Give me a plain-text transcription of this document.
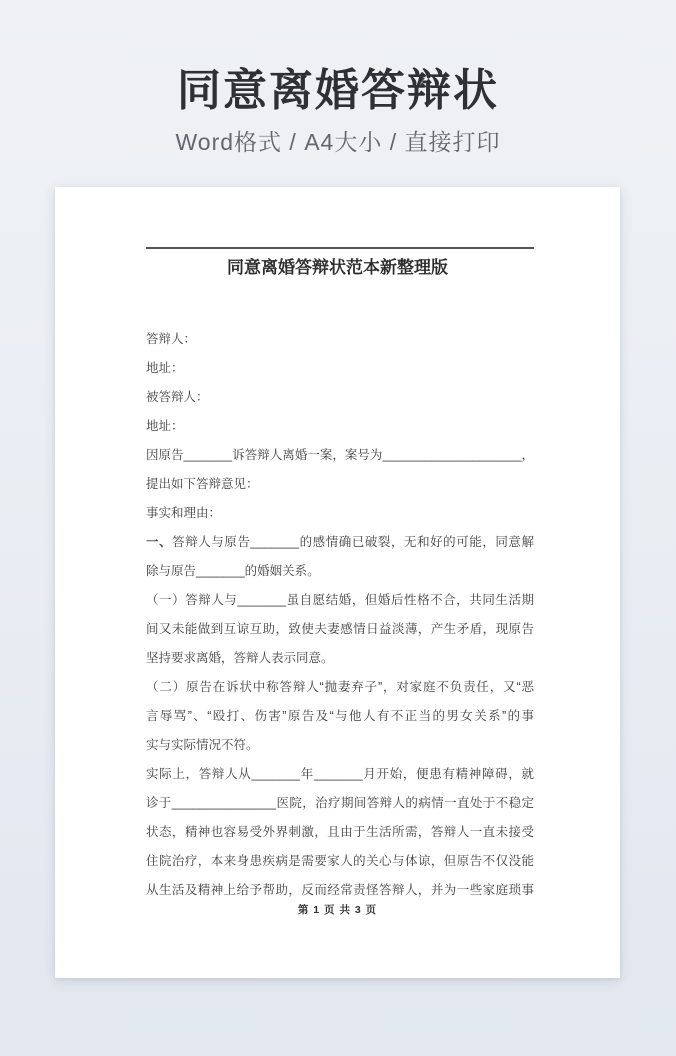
同意离婚答辩状
Word格式 / A4大小 / 直接打印
同意离婚答辩状范本新整理版
答辩人：
地址：
被答辩人：
地址：
因原告_______诉答辩人离婚一案，案号为____________________，
提出如下答辩意见：
事实和理由：
一、答辩人与原告_______的感情确已破裂，无和好的可能，同意解
除与原告_______的婚姻关系。
（一）答辩人与_______虽自愿结婚，但婚后性格不合，共同生活期
间又未能做到互谅互助，致使夫妻感情日益淡薄，产生矛盾，现原告
坚持要求离婚，答辩人表示同意。
（二）原告在诉状中称答辩人“抛妻弃子”，对家庭不负责任，又“恶
言辱骂”、“殴打、伤害”原告及“与他人有不正当的男女关系”的事
实与实际情况不符。
实际上，答辩人从_______年_______月开始，便患有精神障碍，就
诊于_______________医院，治疗期间答辩人的病情一直处于不稳定
状态，精神也容易受外界刺激，且由于生活所需，答辩人一直未接受
住院治疗，本来身患疾病是需要家人的关心与体谅，但原告不仅没能
从生活及精神上给予帮助，反而经常责怪答辩人，并为一些家庭琐事
第 1 页 共 3 页
